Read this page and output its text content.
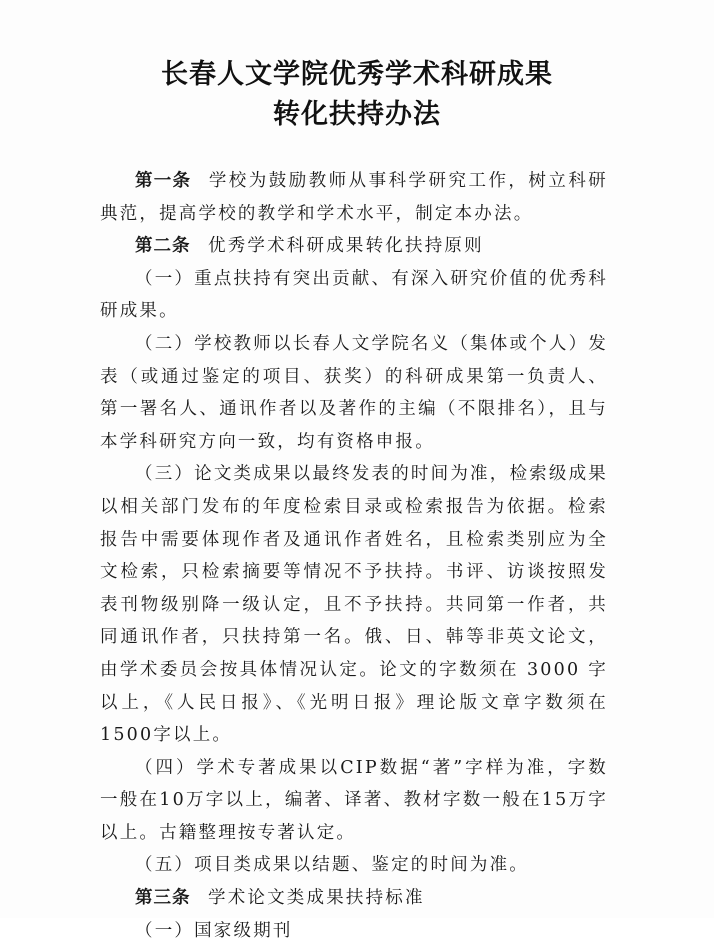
长春人文学院优秀学术科研成果
转化扶持办法

第一条 学校为鼓励教师从事科学研究工作，树立科研典范，提高学校的教学和学术水平，制定本办法。

第二条 优秀学术科研成果转化扶持原则

（一）重点扶持有突出贡献、有深入研究价值的优秀科研成果。

（二）学校教师以长春人文学院名义（集体或个人）发表（或通过鉴定的项目、获奖）的科研成果第一负责人、第一署名人、通讯作者以及著作的主编（不限排名），且与本学科研究方向一致，均有资格申报。

（三）论文类成果以最终发表的时间为准，检索级成果以相关部门发布的年度检索目录或检索报告为依据。检索报告中需要体现作者及通讯作者姓名，且检索类别应为全文检索，只检索摘要等情况不予扶持。书评、访谈按照发表刊物级别降一级认定，且不予扶持。共同第一作者，共同通讯作者，只扶持第一名。俄、日、韩等非英文论文，由学术委员会按具体情况认定。论文的字数须在 3000 字以上，《人民日报》、《光明日报》理论版文章字数须在1500字以上。

（四）学术专著成果以CIP数据“著”字样为准，字数一般在10万字以上，编著、译著、教材字数一般在15万字以上。古籍整理按专著认定。

（五）项目类成果以结题、鉴定的时间为准。

第三条 学术论文类成果扶持标准

（一）国家级期刊
